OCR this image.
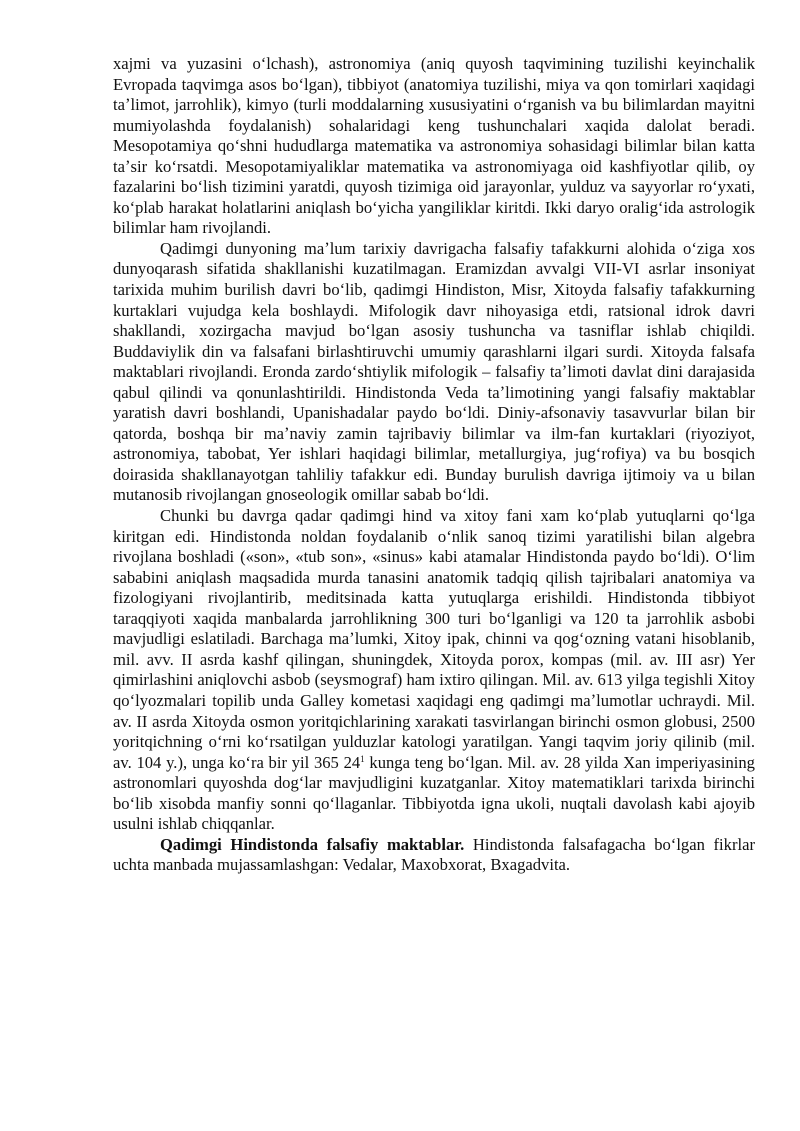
xajmi va yuzasini oʻlchash), astronomiya (aniq quyosh taqvimining tuzilishi keyinchalik Evropada taqvimga asos boʻlgan), tibbiyot (anatomiya tuzilishi, miya va qon tomirlari xaqidagi taʼlimot, jarrohlik), kimyo (turli moddalarning xususiyatini oʻrganish va bu bilimlardan mayitni mumiyolashda foydalanish) sohalaridagi keng tushunchalari xaqida dalolat beradi. Mesopotamiya qoʻshni hududlarga matematika va astronomiya sohasidagi bilimlar bilan katta taʼsir koʻrsatdi. Mesopotamiyaliklar matematika va astronomiyaga oid kashfiyotlar qilib, oy fazalarini boʻlish tizimini yaratdi, quyosh tizimiga oid jarayonlar, yulduz va sayyorlar roʻyxati, koʻplab harakat holatlarini aniqlash boʻyicha yangiliklar kiritdi. Ikki daryo oraligʻida astrologik bilimlar ham rivojlandi.

Qadimgi dunyoning maʼlum tarixiy davrigacha falsafiy tafakkurni alohida oʻziga xos dunyoqarash sifatida shakllanishi kuzatilmagan. Eramizdan avvalgi VII-VI asrlar insoniyat tarixida muhim burilish davri boʻlib, qadimgi Hindiston, Misr, Xitoyda falsafiy tafakkurning kurtaklari vujudga kela boshlaydi. Mifologik davr nihoyasiga etdi, ratsional idrok davri shakllandi, xozirgacha mavjud boʻlgan asosiy tushuncha va tasniflar ishlab chiqildi. Buddaviylik din va falsafani birlashtiruvchi umumiy qarashlarni ilgari surdi. Xitoyda falsafa maktablari rivojlandi. Eronda zardoʻshtiylik mifologik – falsafiy taʼlimoti davlat dini darajasida qabul qilindi va qonunlashtirildi. Hindistonda Veda taʼlimotining yangi falsafiy maktablar yaratish davri boshlandi, Upanishadalar paydo boʻldi. Diniy-afsonaviy tasavvurlar bilan bir qatorda, boshqa bir maʼnaviy zamin tajribaviy bilimlar va ilm-fan kurtaklari (riyoziyot, astronomiya, tabobat, Yer ishlari haqidagi bilimlar, metallurgiya, jugʻrofiya) va bu bosqich doirasida shakllanayotgan tahliliy tafakkur edi. Bunday burulish davriga ijtimoiy va u bilan mutanosib rivojlangan gnoseologik omillar sabab boʻldi.

Chunki bu davrga qadar qadimgi hind va xitoy fani xam koʻplab yutuqlarni qoʻlga kiritgan edi. Hindistonda noldan foydalanib oʻnlik sanoq tizimi yaratilishi bilan algebra rivojlana boshladi («son», «tub son», «sinus» kabi atamalar Hindistonda paydo boʻldi). Oʻlim sababini aniqlash maqsadida murda tanasini anatomik tadqiq qilish tajribalari anatomiya va fizologiyani rivojlantirib, meditsinada katta yutuqlarga erishildi. Hindistonda tibbiyot taraqqiyoti xaqida manbalarda jarrohlikning 300 turi boʻlganligi va 120 ta jarrohlik asbobi mavjudligi eslatiladi. Barchaga maʼlumki, Xitoy ipak, chinni va qogʻozning vatani hisoblanib, mil. avv. II asrda kashf qilingan, shuningdek, Xitoyda porox, kompas (mil. av. III asr) Yer qimirlashini aniqlovchi asbob (seysmograf) ham ixtiro qilingan. Mil. av. 613 yilga tegishli Xitoy qoʻlyozmalari topilib unda Galley kometasi xaqidagi eng qadimgi maʼlumotlar uchraydi. Mil. av. II asrda Xitoyda osmon yoritqichlarining xarakati tasvirlangan birinchi osmon globusi, 2500 yoritqichning oʻrni koʻrsatilgan yulduzlar katologi yaratilgan. Yangi taqvim joriy qilinib (mil. av. 104 y.), unga koʻra bir yil 365 $24^1$ kunga teng boʻlgan. Mil. av. 28 yilda Xan imperiyasining astronomlari quyoshda dogʻlar mavjudligini kuzatganlar. Xitoy matematiklari tarixda birinchi boʻlib xisobda manfiy sonni qoʻllaganlar. Tibbiyotda igna ukoli, nuqtali davolash kabi ajoyib usulni ishlab chiqqanlar.

Qadimgi Hindistonda falsafiy maktablar. Hindistonda falsafagacha boʻlgan fikrlar uchta manbada mujassamlashgan: Vedalar, Maxobxorat, Bxagadvita.
